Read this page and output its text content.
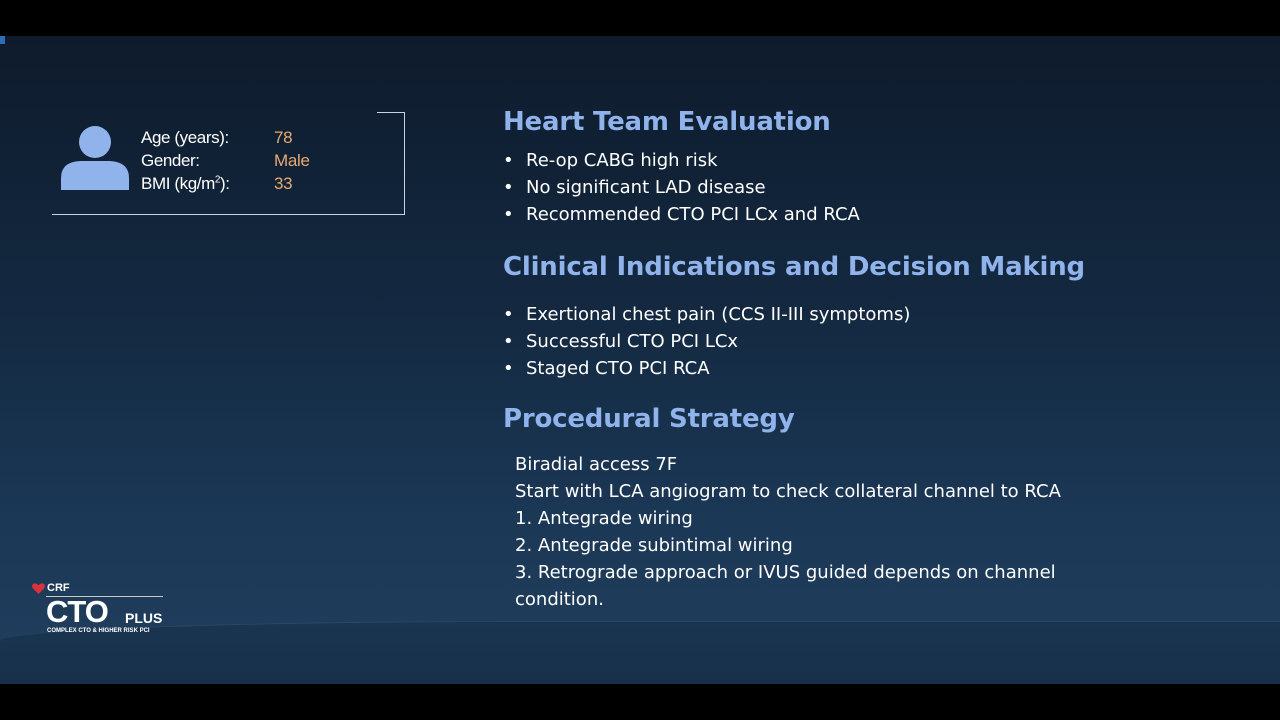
Age (years):	78
Gender:	Male
BMI $(kg/m^2)$:	33
Heart Team Evaluation
• Re-op CABG high risk
• No significant LAD disease
• Recommended CTO PCI LCx and RCA
Clinical Indications and Decision Making
• Exertional chest pain (CCS II-III symptoms)
• Successful CTO PCI LCx
• Staged CTO PCI RCA
Procedural Strategy
Biradial access 7F
Start with LCA angiogram to check collateral channel to RCA
1. Antegrade wiring
2. Antegrade subintimal wiring
3. Retrograde approach or IVUS guided depends on channel
condition.
CRF
CTO PLUS
COMPLEX CTO & HIGHER RISK PCI
